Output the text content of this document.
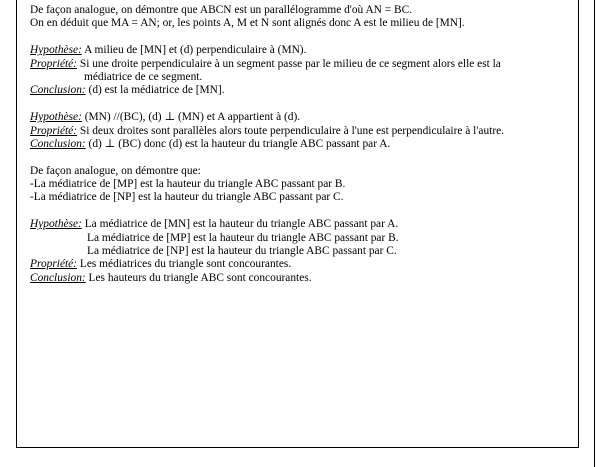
De façon analogue, on démontre que ABCN est un parallélogramme d'où AN = BC.
On en déduit que MA = AN; or, les points A, M et N sont alignés donc A est le milieu de [MN].
Hypothèse: A milieu de [MN] et (d) perpendiculaire à (MN).
Propriété: Si une droite perpendiculaire à un segment passe par le milieu de ce segment alors elle est la
médiatrice de ce segment.
Conclusion: (d) est la médiatrice de [MN].
Hypothèse: (MN) //(BC), (d) ⊥ (MN) et A appartient à (d).
Propriété: Si deux droites sont parallèles alors toute perpendiculaire à l'une est perpendiculaire à l'autre.
Conclusion: (d) ⊥ (BC) donc (d) est la hauteur du triangle ABC passant par A.
De façon analogue, on démontre que:
-La médiatrice de [MP] est la hauteur du triangle ABC passant par B.
-La médiatrice de [NP] est la hauteur du triangle ABC passant par C.
Hypothèse: La médiatrice de [MN] est la hauteur du triangle ABC passant par A.
La médiatrice de [MP] est la hauteur du triangle ABC passant par B.
La médiatrice de [NP] est la hauteur du triangle ABC passant par C.
Propriété: Les médiatrices du triangle sont concourantes.
Conclusion: Les hauteurs du triangle ABC sont concourantes.
